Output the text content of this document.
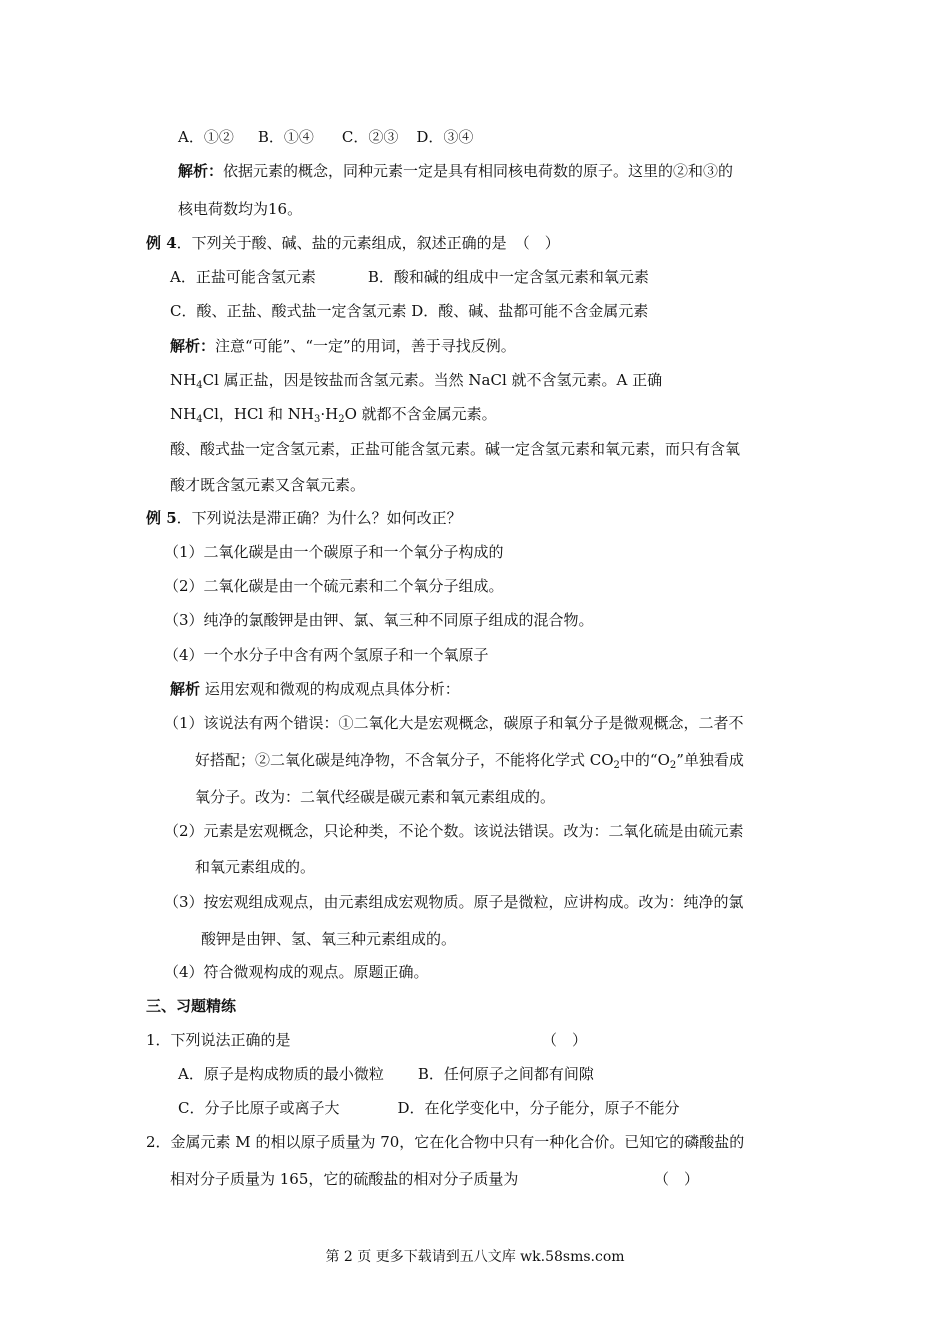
A．①② B．①④ C．②③ D．③④
解析：依据元素的概念，同种元素一定是具有相同核电荷数的原子。这里的②和③的
核电荷数均为16。
例 4．下列关于酸、碱、盐的元素组成，叙述正确的是 （　）
A．正盐可能含氢元素	B．酸和碱的组成中一定含氢元素和氧元素
C．酸、正盐、酸式盐一定含氢元素 D．酸、碱、盐都可能不含金属元素
解析：注意“可能”、“一定”的用词，善于寻找反例。
$NH_4Cl$ 属正盐，因是铵盐而含氢元素。当然 NaCl 就不含氢元素。A 正确
$NH_4Cl$，HCl 和 $NH_3\cdot H_2O$ 就都不含金属元素。
酸、酸式盐一定含氢元素，正盐可能含氢元素。碱一定含氢元素和氧元素，而只有含氧
酸才既含氢元素又含氧元素。
例 5．下列说法是滞正确？为什么？如何改正？
（1）二氧化碳是由一个碳原子和一个氧分子构成的
（2）二氧化碳是由一个硫元素和二个氧分子组成。
（3）纯净的氯酸钾是由钾、氯、氧三种不同原子组成的混合物。
（4）一个水分子中含有两个氢原子和一个氧原子
解析 运用宏观和微观的构成观点具体分析：
（1）该说法有两个错误：①二氧化大是宏观概念，碳原子和氧分子是微观概念，二者不
好搭配；②二氧化碳是纯净物，不含氧分子，不能将化学式 $CO_2$中的“$O_2$”单独看成
氧分子。改为：二氧代经碳是碳元素和氧元素组成的。
（2）元素是宏观概念，只论种类，不论个数。该说法错误。改为：二氧化硫是由硫元素
和氧元素组成的。
（3）按宏观组成观点，由元素组成宏观物质。原子是微粒，应讲构成。改为：纯净的氯
酸钾是由钾、氢、氧三种元素组成的。
（4）符合微观构成的观点。原题正确。
三、习题精练
1．下列说法正确的是	（　）
A．原子是构成物质的最小微粒 B．任何原子之间都有间隙
C．分子比原子或离子大	D．在化学变化中，分子能分，原子不能分
2．金属元素 M 的相以原子质量为 70，它在化合物中只有一种化合价。已知它的磷酸盐的
相对分子质量为 165，它的硫酸盐的相对分子质量为	（　）
第 2 页 更多下载请到五八文库 wk.58sms.com
